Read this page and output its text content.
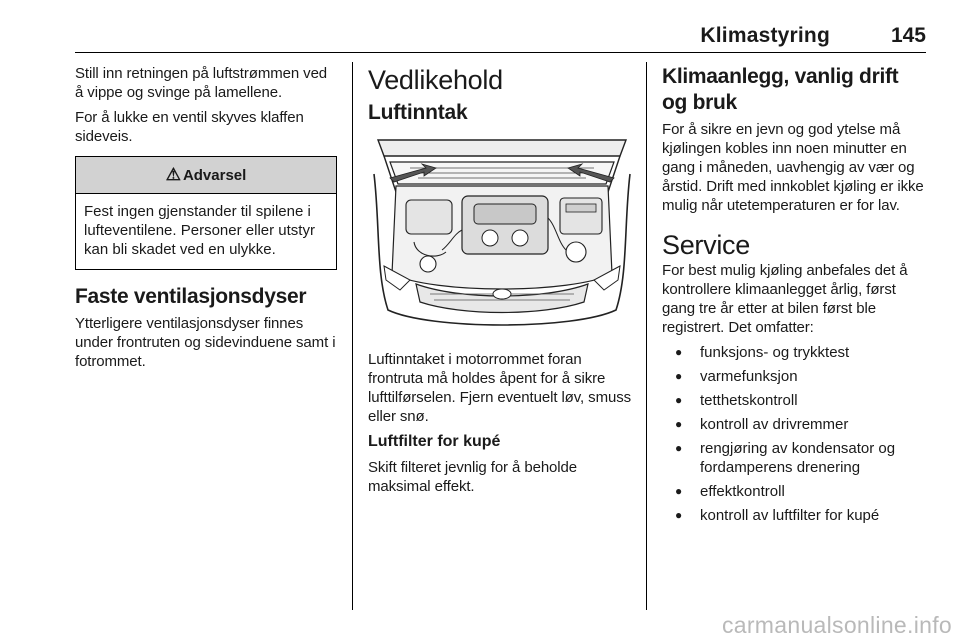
Klimastyring	145

Still inn retningen på luftstrømmen ved å vippe og svinge på lamellene.

For å lukke en ventil skyves klaffen sideveis.

⚠ Advarsel
Fest ingen gjenstander til spilene i lufteventilene. Personer eller utstyr kan bli skadet ved en ulykke.
Faste ventilasjonsdyser

Ytterligere ventilasjonsdyser finnes under frontruten og sidevinduene samt i fotrommet.

Vedlikehold
Luftinntak

Luftinntaket i motorrommet foran frontruta må holdes åpent for å sikre lufttilførselen. Fjern eventuelt løv, smuss eller snø.

Luftfilter for kupé

Skift filteret jevnlig for å beholde maksimal effekt.

Klimaanlegg, vanlig drift og bruk

For å sikre en jevn og god ytelse må kjølingen kobles inn noen minutter en gang i måneden, uavhengig av vær og årstid. Drift med innkoblet kjøling er ikke mulig når utetemperaturen er for lav.

Service

For best mulig kjøling anbefales det å kontrollere klimaanlegget årlig, først gang tre år etter at bilen først ble registrert. Det omfatter:

● funksjons- og trykktest
● varmefunksjon
● tetthetskontroll
● kontroll av drivremmer
● rengjøring av kondensator og fordamperens drenering
● effektkontroll
● kontroll av luftfilter for kupé
carmanualsonline.info
